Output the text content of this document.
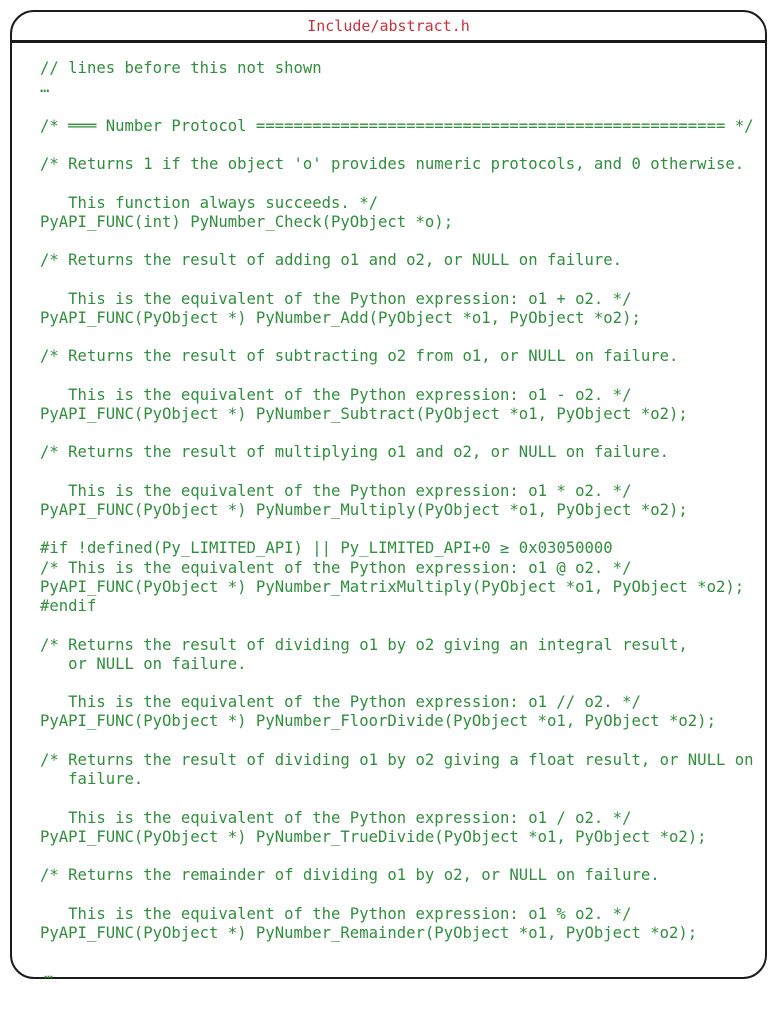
Include/abstract.h
// lines before this not shown
…
/* ═══ Number Protocol ================================================== */
/* Returns 1 if the object 'o' provides numeric protocols, and 0 otherwise.
This function always succeeds. */
PyAPI_FUNC(int) PyNumber_Check(PyObject *o);
/* Returns the result of adding o1 and o2, or NULL on failure.
This is the equivalent of the Python expression: o1 + o2. */
PyAPI_FUNC(PyObject *) PyNumber_Add(PyObject *o1, PyObject *o2);
/* Returns the result of subtracting o2 from o1, or NULL on failure.
This is the equivalent of the Python expression: o1 - o2. */
PyAPI_FUNC(PyObject *) PyNumber_Subtract(PyObject *o1, PyObject *o2);
/* Returns the result of multiplying o1 and o2, or NULL on failure.
This is the equivalent of the Python expression: o1 * o2. */
PyAPI_FUNC(PyObject *) PyNumber_Multiply(PyObject *o1, PyObject *o2);
#if !defined(Py_LIMITED_API) || Py_LIMITED_API+0 ≥ 0x03050000
/* This is the equivalent of the Python expression: o1 @ o2. */
PyAPI_FUNC(PyObject *) PyNumber_MatrixMultiply(PyObject *o1, PyObject *o2);
#endif
/* Returns the result of dividing o1 by o2 giving an integral result,
or NULL on failure.
This is the equivalent of the Python expression: o1 // o2. */
PyAPI_FUNC(PyObject *) PyNumber_FloorDivide(PyObject *o1, PyObject *o2);
/* Returns the result of dividing o1 by o2 giving a float result, or NULL on
failure.
This is the equivalent of the Python expression: o1 / o2. */
PyAPI_FUNC(PyObject *) PyNumber_TrueDivide(PyObject *o1, PyObject *o2);
/* Returns the remainder of dividing o1 by o2, or NULL on failure.
This is the equivalent of the Python expression: o1 % o2. */
PyAPI_FUNC(PyObject *) PyNumber_Remainder(PyObject *o1, PyObject *o2);
…
